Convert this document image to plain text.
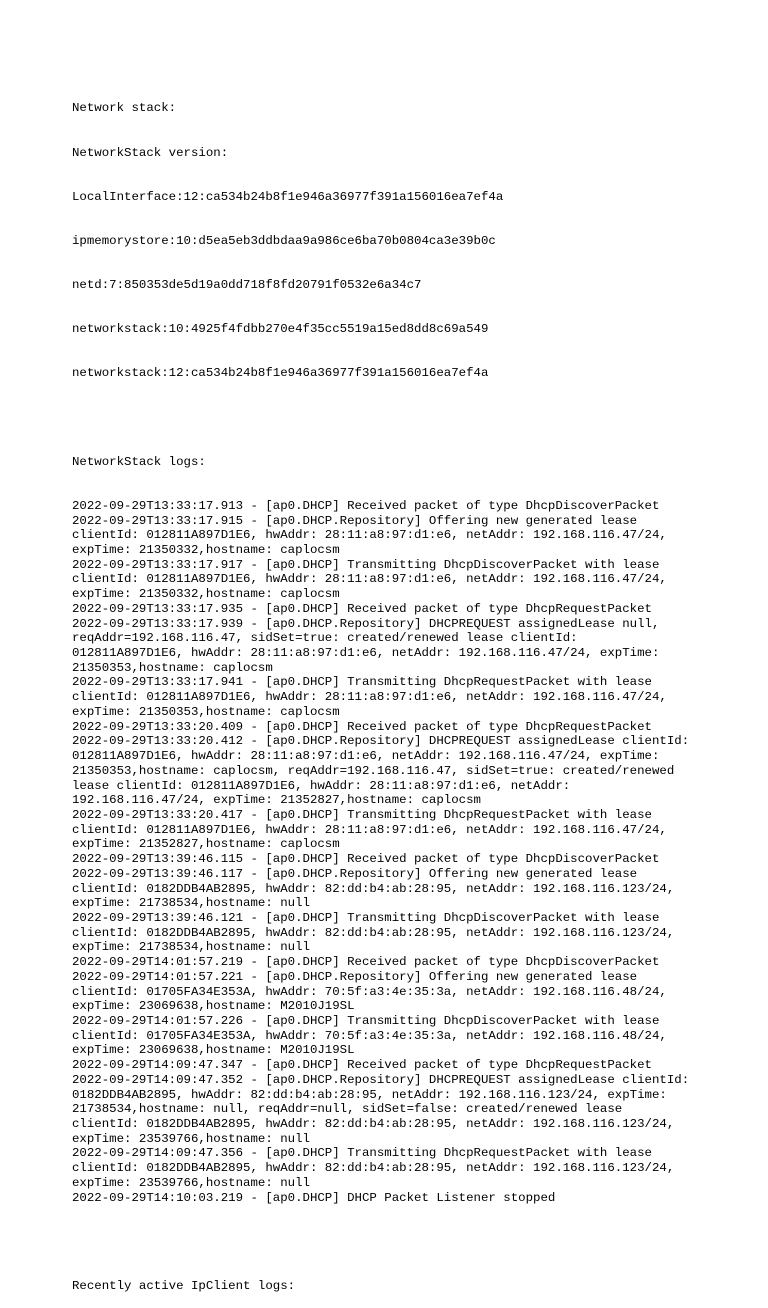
Network stack:

NetworkStack version:

LocalInterface:12:ca534b24b8f1e946a36977f391a156016ea7ef4a

ipmemorystore:10:d5ea5eb3ddbdaa9a986ce6ba70b0804ca3e39b0c

netd:7:850353de5d19a0dd718f8fd20791f0532e6a34c7

networkstack:10:4925f4fdbb270e4f35cc5519a15ed8dd8c69a549

networkstack:12:ca534b24b8f1e946a36977f391a156016ea7ef4a

NetworkStack logs:

2022-09-29T13:33:17.913 - [ap0.DHCP] Received packet of type DhcpDiscoverPacket
2022-09-29T13:33:17.915 - [ap0.DHCP.Repository] Offering new generated lease
clientId: 012811A897D1E6, hwAddr: 28:11:a8:97:d1:e6, netAddr: 192.168.116.47/24,
expTime: 21350332,hostname: caplocsm
2022-09-29T13:33:17.917 - [ap0.DHCP] Transmitting DhcpDiscoverPacket with lease
clientId: 012811A897D1E6, hwAddr: 28:11:a8:97:d1:e6, netAddr: 192.168.116.47/24,
expTime: 21350332,hostname: caplocsm
2022-09-29T13:33:17.935 - [ap0.DHCP] Received packet of type DhcpRequestPacket
2022-09-29T13:33:17.939 - [ap0.DHCP.Repository] DHCPREQUEST assignedLease null,
reqAddr=192.168.116.47, sidSet=true: created/renewed lease clientId:
012811A897D1E6, hwAddr: 28:11:a8:97:d1:e6, netAddr: 192.168.116.47/24, expTime:
21350353,hostname: caplocsm
2022-09-29T13:33:17.941 - [ap0.DHCP] Transmitting DhcpRequestPacket with lease
clientId: 012811A897D1E6, hwAddr: 28:11:a8:97:d1:e6, netAddr: 192.168.116.47/24,
expTime: 21350353,hostname: caplocsm
2022-09-29T13:33:20.409 - [ap0.DHCP] Received packet of type DhcpRequestPacket
2022-09-29T13:33:20.412 - [ap0.DHCP.Repository] DHCPREQUEST assignedLease clientId:
012811A897D1E6, hwAddr: 28:11:a8:97:d1:e6, netAddr: 192.168.116.47/24, expTime:
21350353,hostname: caplocsm, reqAddr=192.168.116.47, sidSet=true: created/renewed
lease clientId: 012811A897D1E6, hwAddr: 28:11:a8:97:d1:e6, netAddr:
192.168.116.47/24, expTime: 21352827,hostname: caplocsm
2022-09-29T13:33:20.417 - [ap0.DHCP] Transmitting DhcpRequestPacket with lease
clientId: 012811A897D1E6, hwAddr: 28:11:a8:97:d1:e6, netAddr: 192.168.116.47/24,
expTime: 21352827,hostname: caplocsm
2022-09-29T13:39:46.115 - [ap0.DHCP] Received packet of type DhcpDiscoverPacket
2022-09-29T13:39:46.117 - [ap0.DHCP.Repository] Offering new generated lease
clientId: 0182DDB4AB2895, hwAddr: 82:dd:b4:ab:28:95, netAddr: 192.168.116.123/24,
expTime: 21738534,hostname: null
2022-09-29T13:39:46.121 - [ap0.DHCP] Transmitting DhcpDiscoverPacket with lease
clientId: 0182DDB4AB2895, hwAddr: 82:dd:b4:ab:28:95, netAddr: 192.168.116.123/24,
expTime: 21738534,hostname: null
2022-09-29T14:01:57.219 - [ap0.DHCP] Received packet of type DhcpDiscoverPacket
2022-09-29T14:01:57.221 - [ap0.DHCP.Repository] Offering new generated lease
clientId: 01705FA34E353A, hwAddr: 70:5f:a3:4e:35:3a, netAddr: 192.168.116.48/24,
expTime: 23069638,hostname: M2010J19SL
2022-09-29T14:01:57.226 - [ap0.DHCP] Transmitting DhcpDiscoverPacket with lease
clientId: 01705FA34E353A, hwAddr: 70:5f:a3:4e:35:3a, netAddr: 192.168.116.48/24,
expTime: 23069638,hostname: M2010J19SL
2022-09-29T14:09:47.347 - [ap0.DHCP] Received packet of type DhcpRequestPacket
2022-09-29T14:09:47.352 - [ap0.DHCP.Repository] DHCPREQUEST assignedLease clientId:
0182DDB4AB2895, hwAddr: 82:dd:b4:ab:28:95, netAddr: 192.168.116.123/24, expTime:
21738534,hostname: null, reqAddr=null, sidSet=false: created/renewed lease
clientId: 0182DDB4AB2895, hwAddr: 82:dd:b4:ab:28:95, netAddr: 192.168.116.123/24,
expTime: 23539766,hostname: null
2022-09-29T14:09:47.356 - [ap0.DHCP] Transmitting DhcpRequestPacket with lease
clientId: 0182DDB4AB2895, hwAddr: 82:dd:b4:ab:28:95, netAddr: 192.168.116.123/24,
expTime: 23539766,hostname: null
2022-09-29T14:10:03.219 - [ap0.DHCP] DHCP Packet Listener stopped

Recently active IpClient logs:
